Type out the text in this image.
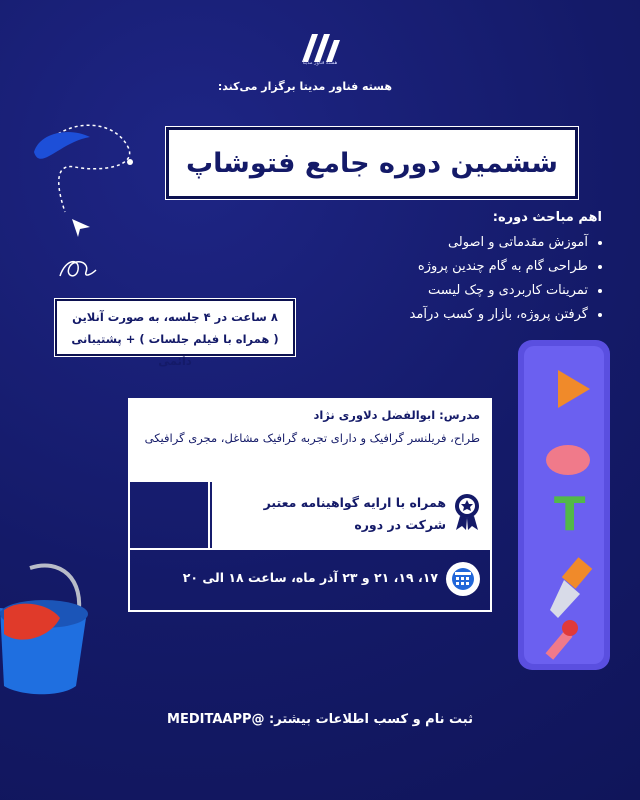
هسته فناور مدیتا
هسته فناور مدیتا برگزار می‌کند:
ششمین دوره جامع فتوشاپ
اهم مباحث دوره:
• آموزش مقدماتی و اصولی
• طراحی گام به گام چندین پروژه
• تمرینات کاربردی و چک لیست
• گرفتن پروژه، بازار و کسب درآمد
۸ ساعت در ۴ جلسه، به صورت آنلاین
( همراه با فیلم جلسات ) + پشتیبانی دائمی
T
مدرس: ابوالفضل دلاوری نژاد
طراح، فریلنسر گرافیک و دارای تجربه گرافیک مشاغل، مجری گرافیکی
همراه با ارایه گواهینامه معتبر
شرکت در دوره
۱۷، ۱۹، ۲۱ و ۲۳ آذر ماه، ساعت ۱۸ الی ۲۰
ثبت نام و کسب اطلاعات بیشتر: @MEDITAAPP
